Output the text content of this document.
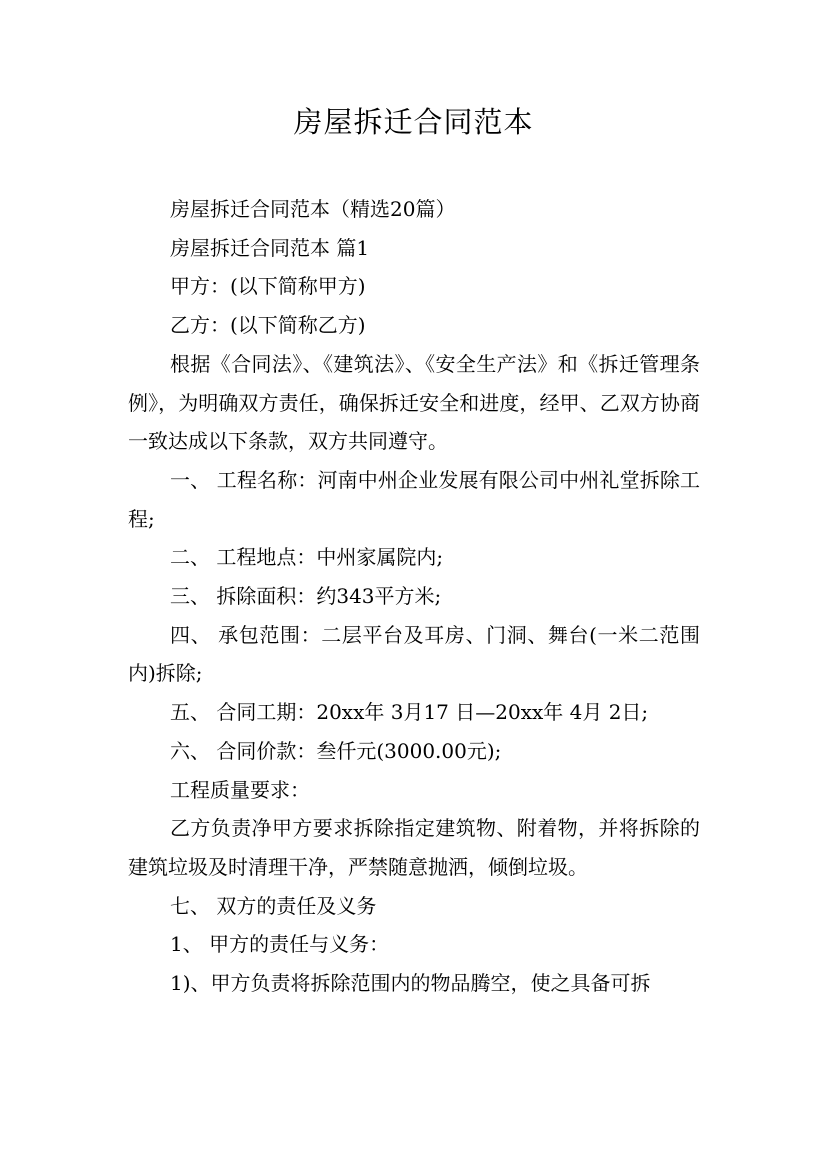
房屋拆迁合同范本

房屋拆迁合同范本（精选20篇）

房屋拆迁合同范本 篇1

甲方：(以下简称甲方)

乙方：(以下简称乙方)

根据《合同法》、《建筑法》、《安全生产法》和《拆迁管理条例》，为明确双方责任，确保拆迁安全和进度，经甲、乙双方协商一致达成以下条款，双方共同遵守。

一、 工程名称：河南中州企业发展有限公司中州礼堂拆除工程;

二、 工程地点：中州家属院内;

三、 拆除面积：约343平方米;

四、 承包范围：二层平台及耳房、门洞、舞台(一米二范围内)拆除;

五、 合同工期：20xx年 3月17 日—20xx年 4月 2日;

六、 合同价款：叁仟元(3000.00元);

工程质量要求：

乙方负责净甲方要求拆除指定建筑物、附着物，并将拆除的建筑垃圾及时清理干净，严禁随意抛洒，倾倒垃圾。

七、 双方的责任及义务

1、 甲方的责任与义务：

1)、甲方负责将拆除范围内的物品腾空，使之具备可拆
